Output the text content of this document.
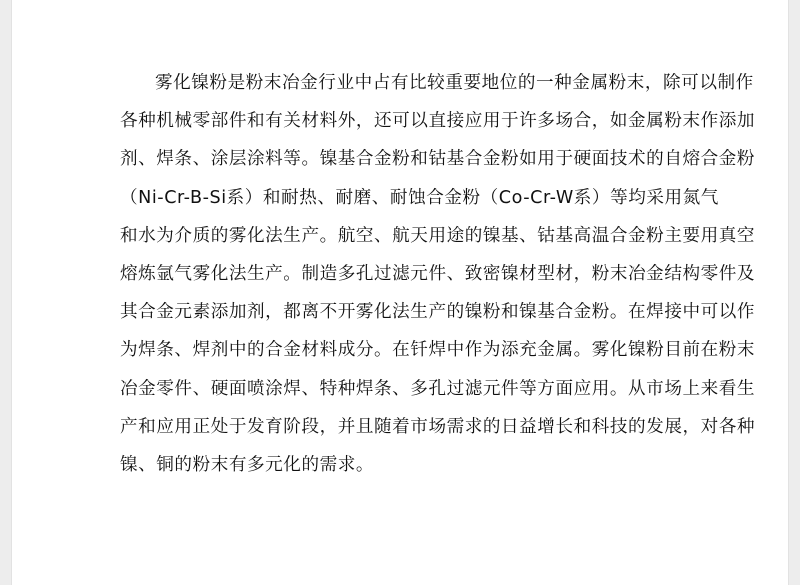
雾化镍粉是粉末冶金行业中占有比较重要地位的一种金属粉末，除可以制作
各种机械零部件和有关材料外，还可以直接应用于许多场合，如金属粉末作添加
剂、焊条、涂层涂料等。镍基合金粉和钴基合金粉如用于硬面技术的自熔合金粉
（Ni-Cr-B-Si系）和耐热、耐磨、耐蚀合金粉（Co-Cr-W系）等均采用氮气
和水为介质的雾化法生产。航空、航天用途的镍基、钴基高温合金粉主要用真空
熔炼氩气雾化法生产。制造多孔过滤元件、致密镍材型材，粉末冶金结构零件及
其合金元素添加剂，都离不开雾化法生产的镍粉和镍基合金粉。在焊接中可以作
为焊条、焊剂中的合金材料成分。在钎焊中作为添充金属。雾化镍粉目前在粉末
冶金零件、硬面喷涂焊、特种焊条、多孔过滤元件等方面应用。从市场上来看生
产和应用正处于发育阶段，并且随着市场需求的日益增长和科技的发展，对各种
镍、铜的粉末有多元化的需求。
